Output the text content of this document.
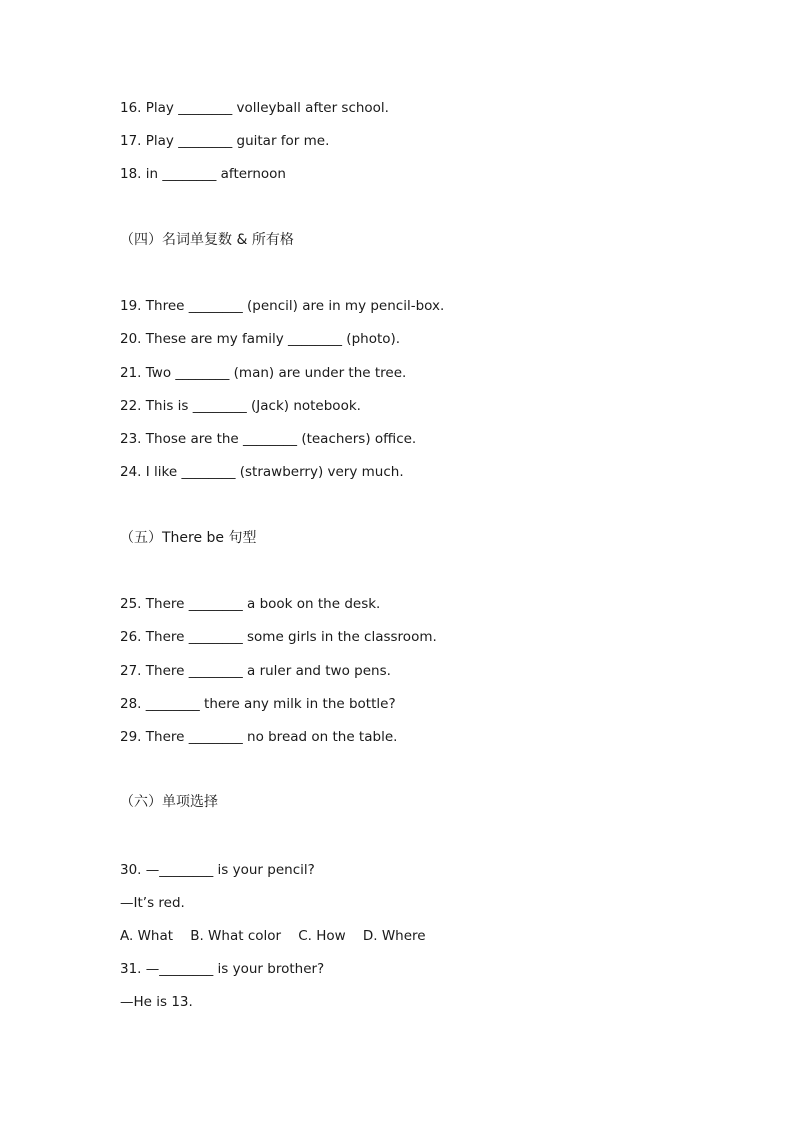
16. Play ________ volleyball after school.
17. Play ________ guitar for me.
18. in ________ afternoon
（四）名词单复数 & 所有格
19. Three ________ (pencil) are in my pencil-box.
20. These are my family ________ (photo).
21. Two ________ (man) are under the tree.
22. This is ________ (Jack) notebook.
23. Those are the ________ (teachers) office.
24. I like ________ (strawberry) very much.
（五）There be 句型
25. There ________ a book on the desk.
26. There ________ some girls in the classroom.
27. There ________ a ruler and two pens.
28. ________ there any milk in the bottle?
29. There ________ no bread on the table.
（六）单项选择
30. —________ is your pencil?
—It’s red.
A. What    B. What color    C. How    D. Where
31. —________ is your brother?
—He is 13.
